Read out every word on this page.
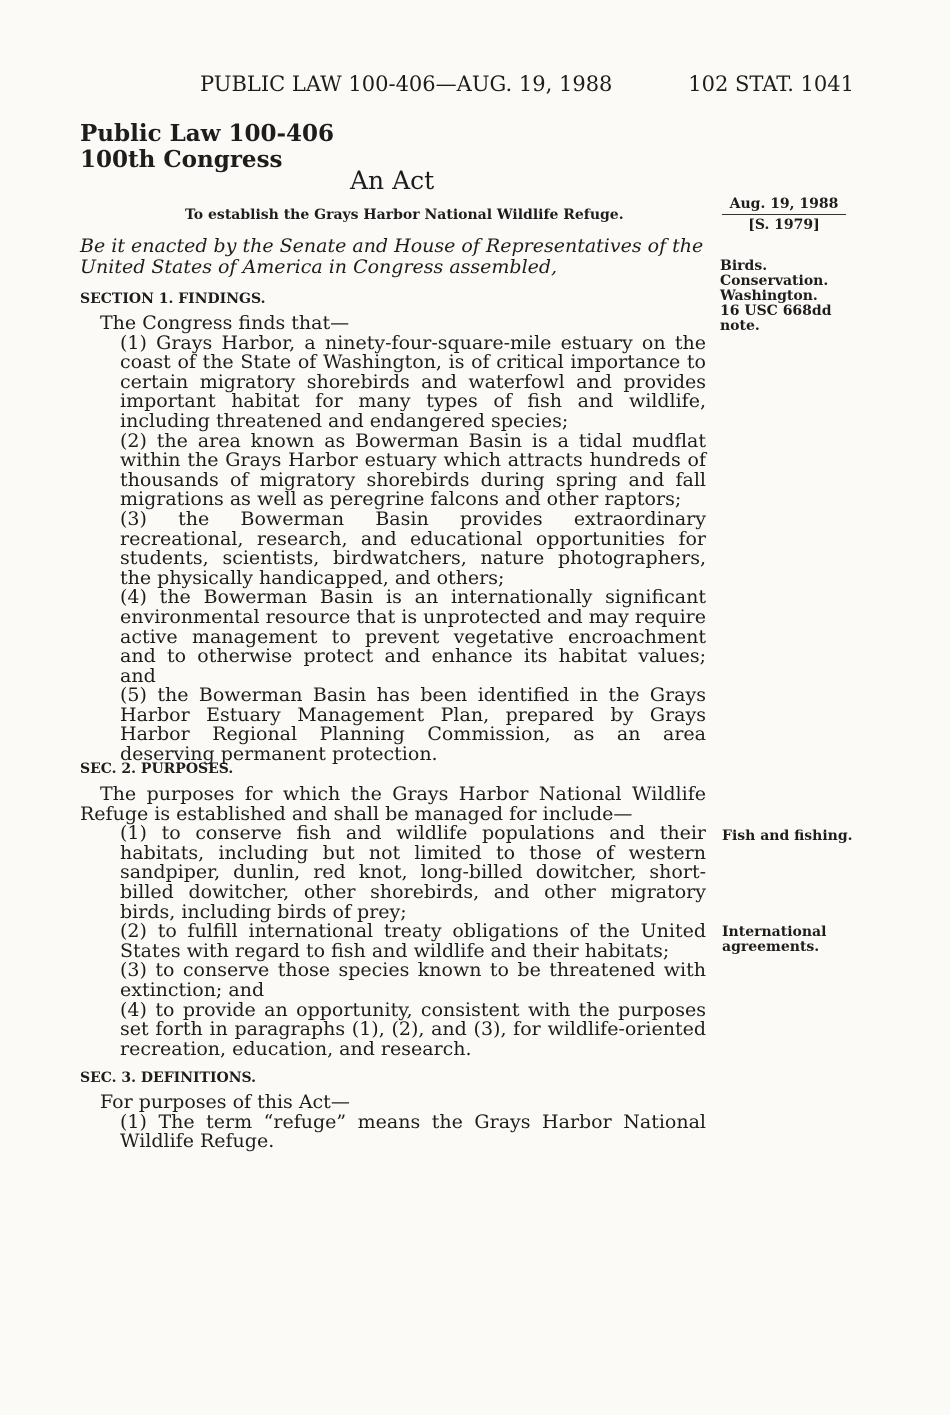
PUBLIC LAW 100-406—AUG. 19, 1988	102 STAT. 1041
Public Law 100-406
100th Congress
An Act
To establish the Grays Harbor National Wildlife Refuge.
Be it enacted by the Senate and House of Representatives of the United States of America in Congress assembled,
Aug. 19, 1988
[S. 1979]
Birds.
Conservation.
Washington.
16 USC 668dd
note.
Fish and fishing.
International
agreements.
SECTION 1. FINDINGS.

The Congress finds that—

(1) Grays Harbor, a ninety-four-square-mile estuary on the coast of the State of Washington, is of critical importance to certain migratory shorebirds and waterfowl and provides important habitat for many types of fish and wildlife, including threatened and endangered species;

(2) the area known as Bowerman Basin is a tidal mudflat within the Grays Harbor estuary which attracts hundreds of thousands of migratory shorebirds during spring and fall migrations as well as peregrine falcons and other raptors;

(3) the Bowerman Basin provides extraordinary recreational, research, and educational opportunities for students, scientists, birdwatchers, nature photographers, the physically handicapped, and others;

(4) the Bowerman Basin is an internationally significant environmental resource that is unprotected and may require active management to prevent vegetative encroachment and to otherwise protect and enhance its habitat values; and

(5) the Bowerman Basin has been identified in the Grays Harbor Estuary Management Plan, prepared by Grays Harbor Regional Planning Commission, as an area deserving permanent protection.

SEC. 2. PURPOSES.

The purposes for which the Grays Harbor National Wildlife Refuge is established and shall be managed for include—

(1) to conserve fish and wildlife populations and their habitats, including but not limited to those of western sandpiper, dunlin, red knot, long-billed dowitcher, short-billed dowitcher, other shorebirds, and other migratory birds, including birds of prey;

(2) to fulfill international treaty obligations of the United States with regard to fish and wildlife and their habitats;

(3) to conserve those species known to be threatened with extinction; and

(4) to provide an opportunity, consistent with the purposes set forth in paragraphs (1), (2), and (3), for wildlife-oriented recreation, education, and research.

SEC. 3. DEFINITIONS.

For purposes of this Act—

(1) The term “refuge” means the Grays Harbor National Wildlife Refuge.
